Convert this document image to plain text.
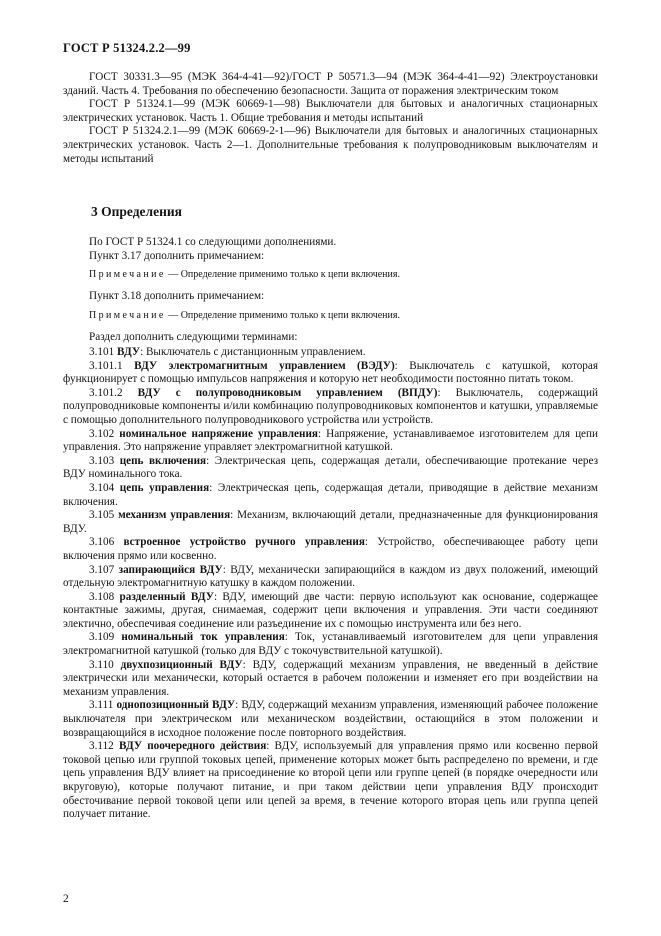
ГОСТ Р 51324.2.2—99

ГОСТ 30331.3—95 (МЭК 364-4-41—92)/ГОСТ Р 50571.3—94 (МЭК 364-4-41—92) Электроустановки зданий. Часть 4. Требования по обеспечению безопасности. Защита от поражения электрическим током

ГОСТ Р 51324.1—99 (МЭК 60669-1—98) Выключатели для бытовых и аналогичных стационарных электрических установок. Часть 1. Общие требования и методы испытаний

ГОСТ Р 51324.2.1—99 (МЭК 60669-2-1—96) Выключатели для бытовых и аналогичных стационарных электрических установок. Часть 2—1. Дополнительные требования к полупроводниковым выключателям и методы испытаний

3 Определения

По ГОСТ Р 51324.1 со следующими дополнениями.

Пункт 3.17 дополнить примечанием:

Примечание — Определение применимо только к цепи включения.

Пункт 3.18 дополнить примечанием:

Примечание — Определение применимо только к цепи включения.

Раздел дополнить следующими терминами:

3.101 ВДУ: Выключатель с дистанционным управлением.

3.101.1 ВДУ электромагнитным управлением (ВЭДУ): Выключатель с катушкой, которая функционирует с помощью импульсов напряжения и которую нет необходимости постоянно питать током.

3.101.2 ВДУ с полупроводниковым управлением (ВПДУ): Выключатель, содержащий полупроводниковые компоненты и/или комбинацию полупроводниковых компонентов и катушки, управляемые с помощью дополнительного полупроводникового устройства или устройств.

3.102 номинальное напряжение управления: Напряжение, устанавливаемое изготовителем для цепи управления. Это напряжение управляет электромагнитной катушкой.

3.103 цепь включения: Электрическая цепь, содержащая детали, обеспечивающие протекание через ВДУ номинального тока.

3.104 цепь управления: Электрическая цепь, содержащая детали, приводящие в действие механизм включения.

3.105 механизм управления: Механизм, включающий детали, предназначенные для функционирования ВДУ.

3.106 встроенное устройство ручного управления: Устройство, обеспечивающее работу цепи включения прямо или косвенно.

3.107 запирающийся ВДУ: ВДУ, механически запирающийся в каждом из двух положений, имеющий отдельную электромагнитную катушку в каждом положении.

3.108 разделенный ВДУ: ВДУ, имеющий две части: первую используют как основание, содержащее контактные зажимы, другая, снимаемая, содержит цепи включения и управления. Эти части соединяют электично, обеспечивая соединение или разъединение их с помощью инструмента или без него.

3.109 номинальный ток управления: Ток, устанавливаемый изготовителем для цепи управления электромагнитной катушкой (только для ВДУ с токочувствительной катушкой).

3.110 двухпозиционный ВДУ: ВДУ, содержащий механизм управления, не введенный в действие электрически или механически, который остается в рабочем положении и изменяет его при воздействии на механизм управления.

3.111 однопозиционный ВДУ: ВДУ, содержащий механизм управления, изменяющий рабочее положение выключателя при электрическом или механическом воздействии, остающийся в этом положении и возвращающийся в исходное положение после повторного воздействия.

3.112 ВДУ поочередного действия: ВДУ, используемый для управления прямо или косвенно первой токовой цепью или группой токовых цепей, применение которых может быть распределено по времени, и где цепь управления ВДУ влияет на присоединение ко второй цепи или группе цепей (в порядке очередности или вкруговую), которые получают питание, и при таком действии цепи управления ВДУ происходит обесточивание первой токовой цепи или цепей за время, в течение которого вторая цепь или группа цепей получает питание.

2
